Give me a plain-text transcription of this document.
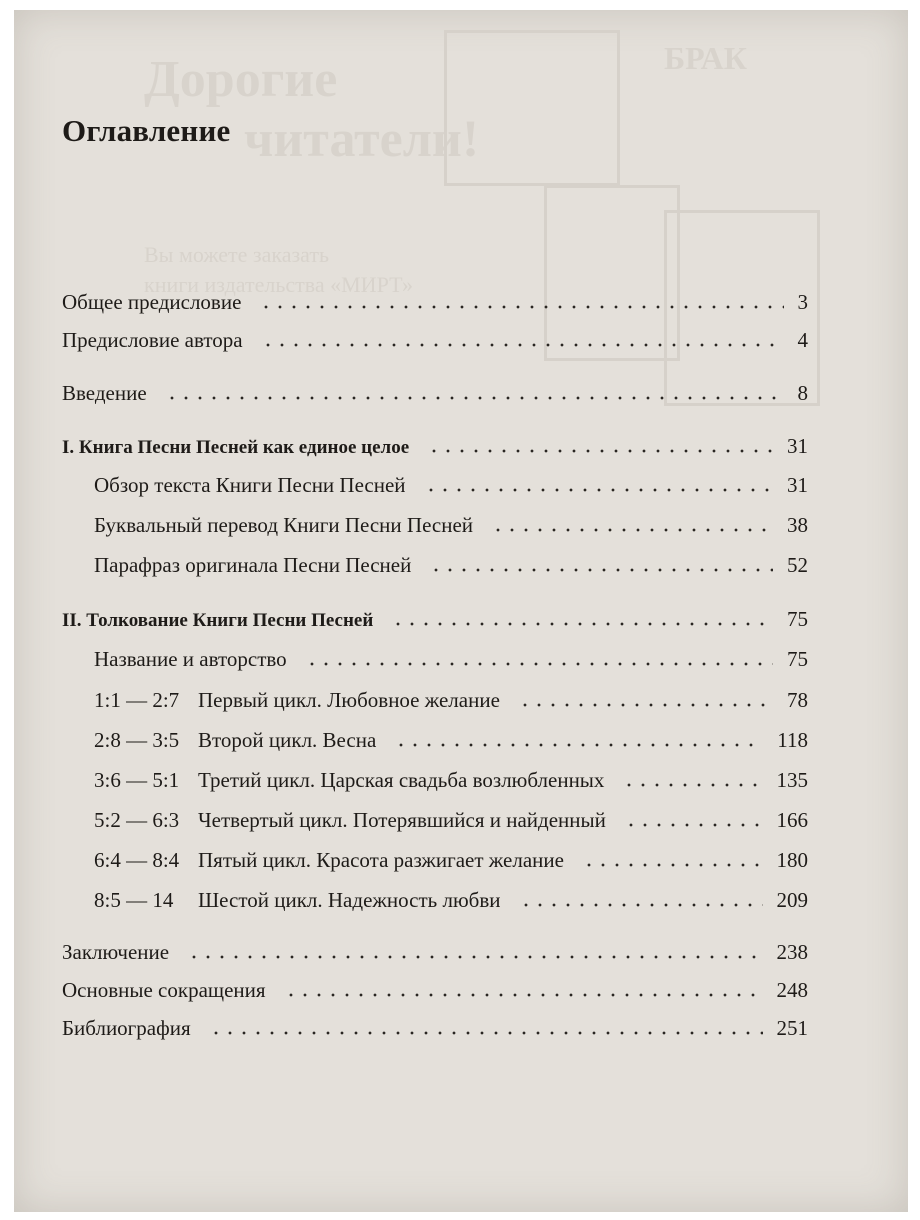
Дорогие
читатели!
Вы можете заказать
книги издательства «МИРТ»
БРАК
Оглавление
Общее предисловие	3
Предисловие автора	4
Введение	8
I. Книга Песни Песней как единое целое	31
Обзор текста Книги Песни Песней	31
Буквальный перевод Книги Песни Песней	38
Парафраз оригинала Песни Песней	52
II. Толкование Книги Песни Песней	75
Название и авторство	75
1:1 — 2:7 Первый цикл. Любовное желание	78
2:8 — 3:5 Второй цикл. Весна	118
3:6 — 5:1 Третий цикл. Царская свадьба возлюбленных	135
5:2 — 6:3 Четвертый цикл. Потерявшийся и найденный	166
6:4 — 8:4 Пятый цикл. Красота разжигает желание	180
8:5 — 14	Шестой цикл. Надежность любви	209
Заключение	238
Основные сокращения	248
Библиография	251
